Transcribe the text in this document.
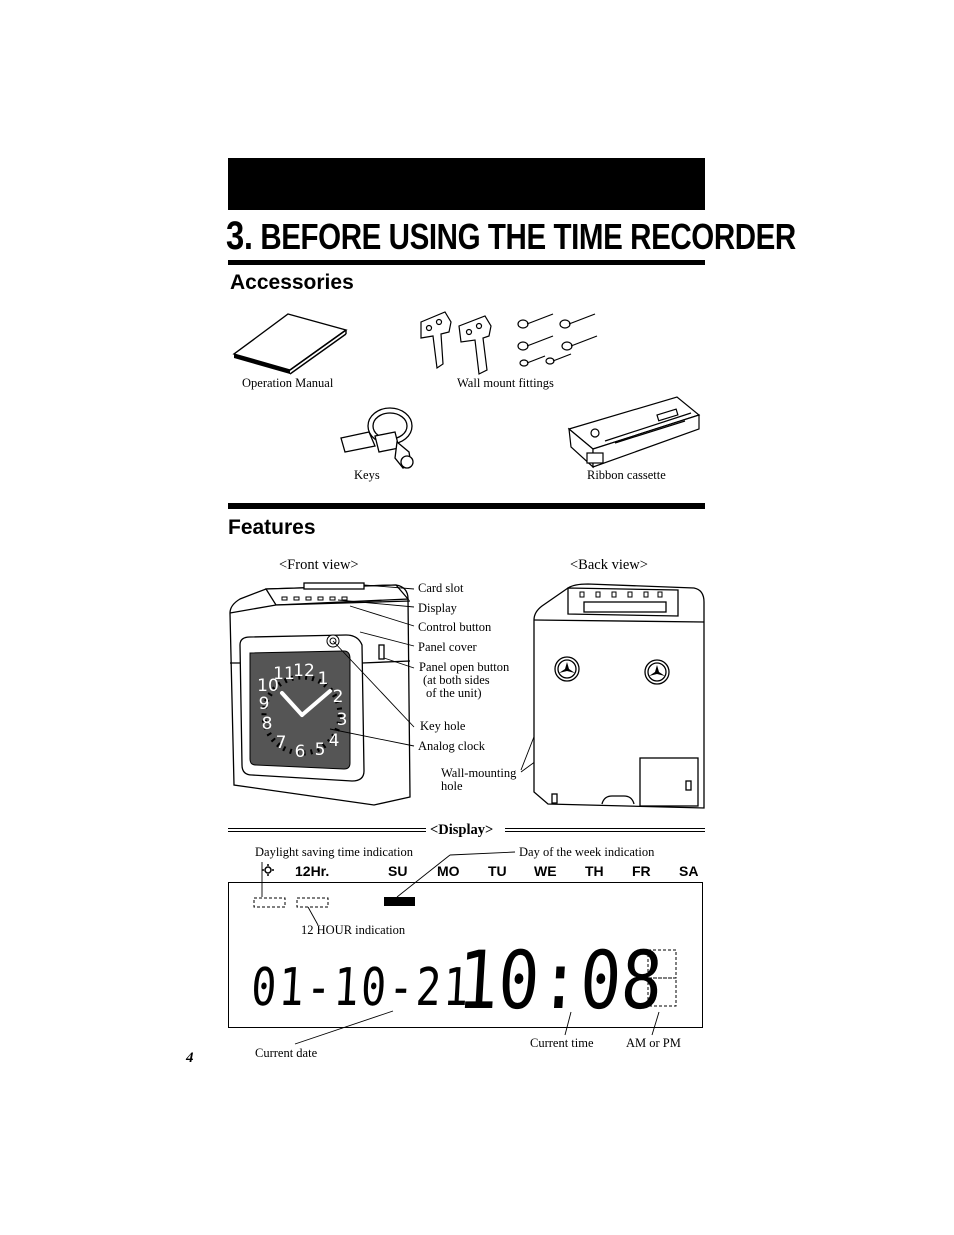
3. BEFORE USING THE TIME RECORDER
Accessories
Operation Manual	Wall mount fittings
Keys	Ribbon cassette
Features
<Front view>	<Back view>
12 1
2
3
4
5
6
7
8
9
10
11
Card slot
Display
Control button
Panel cover
Panel open button
(at both sides
of the unit)
Key hole
Analog clock
Wall-mounting
hole
<Display>
Daylight saving time indication	Day of the week indication
12Hr.	SU MO TU WE TH FR SA
12 HOUR indication
01-10-21
10:08
Current date
Current time	AM or PM
4
